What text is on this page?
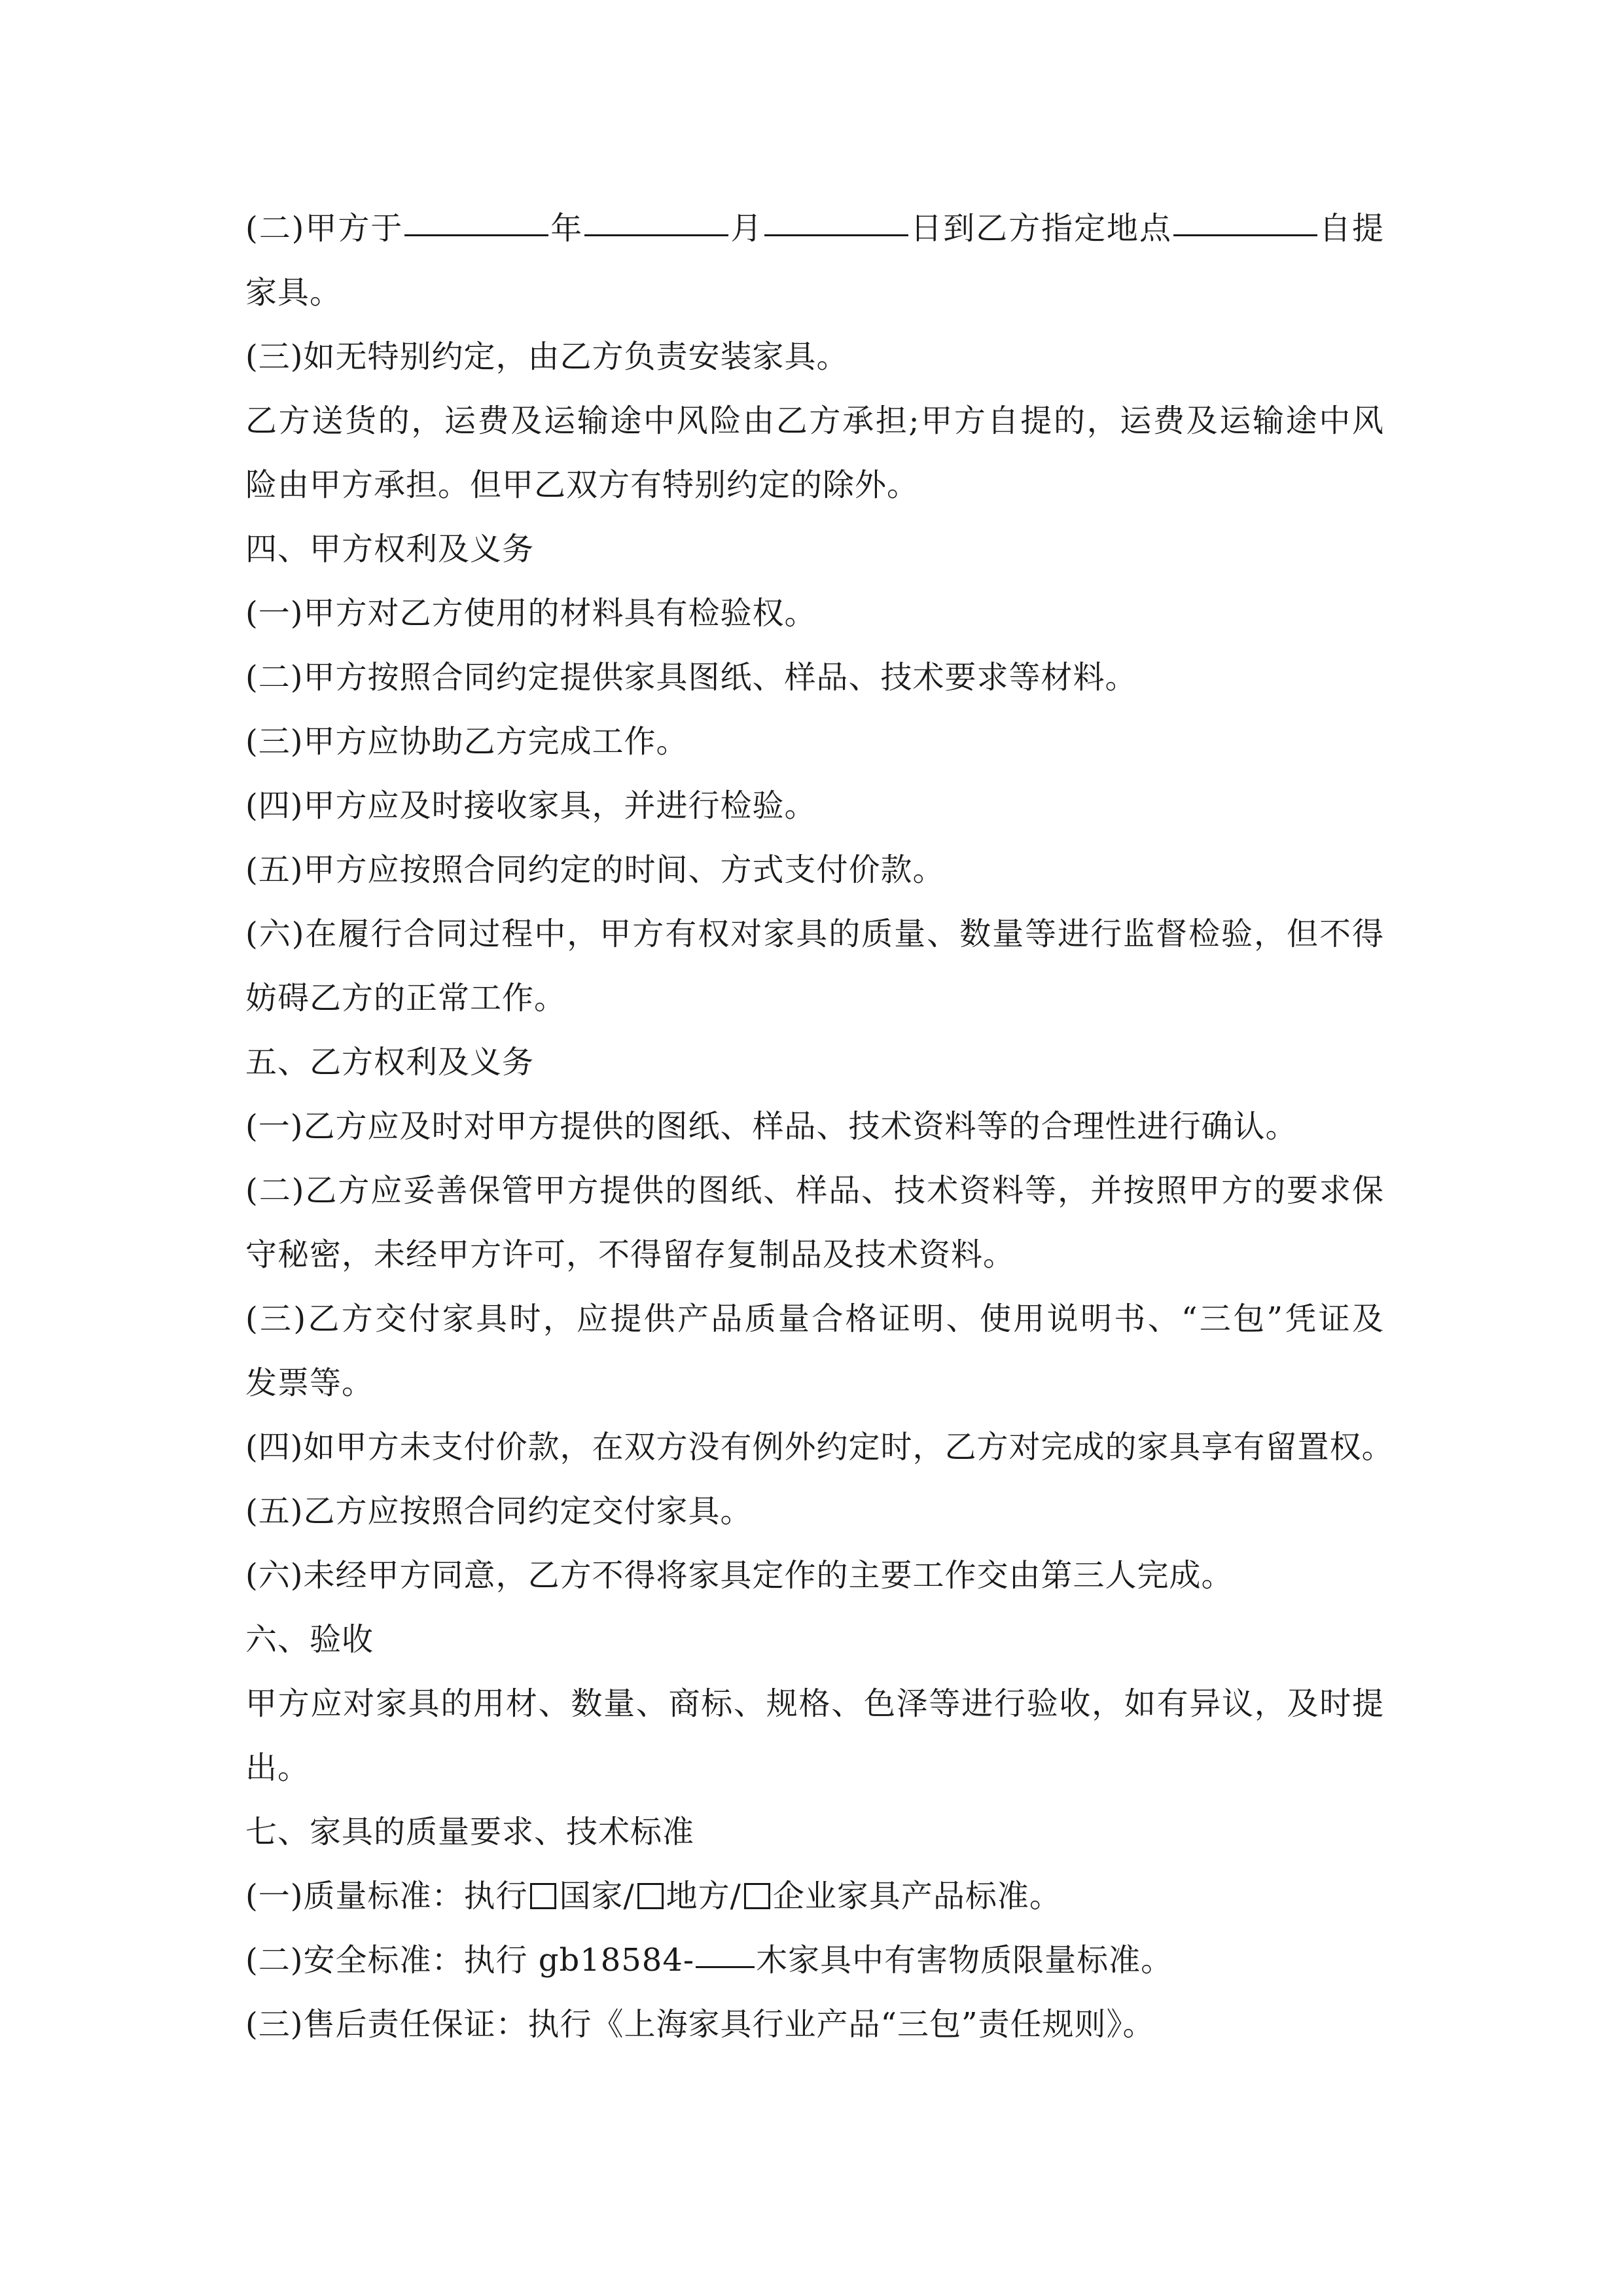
(二)甲方于	年	月	日到乙方指定地点	自提
家具。
(三)如无特别约定，由乙方负责安装家具。
乙方送货的，运费及运输途中风险由乙方承担;甲方自提的，运费及运输途中风
险由甲方承担。但甲乙双方有特别约定的除外。
四、甲方权利及义务
(一)甲方对乙方使用的材料具有检验权。
(二)甲方按照合同约定提供家具图纸、样品、技术要求等材料。
(三)甲方应协助乙方完成工作。
(四)甲方应及时接收家具，并进行检验。
(五)甲方应按照合同约定的时间、方式支付价款。
(六)在履行合同过程中，甲方有权对家具的质量、数量等进行监督检验，但不得
妨碍乙方的正常工作。
五、乙方权利及义务
(一)乙方应及时对甲方提供的图纸、样品、技术资料等的合理性进行确认。
(二)乙方应妥善保管甲方提供的图纸、样品、技术资料等，并按照甲方的要求保
守秘密，未经甲方许可，不得留存复制品及技术资料。
(三)乙方交付家具时，应提供产品质量合格证明、使用说明书、“三包”凭证及
发票等。
(四)如甲方未支付价款，在双方没有例外约定时，乙方对完成的家具享有留置权。
(五)乙方应按照合同约定交付家具。
(六)未经甲方同意，乙方不得将家具定作的主要工作交由第三人完成。
六、验收
甲方应对家具的用材、数量、商标、规格、色泽等进行验收，如有异议，及时提
出。
七、家具的质量要求、技术标准
(一)质量标准：执行 国家/ 地方/ 企业家具产品标准。
(二)安全标准：执行 gb18584- 木家具中有害物质限量标准。
(三)售后责任保证：执行《上海家具行业产品“三包”责任规则》。
